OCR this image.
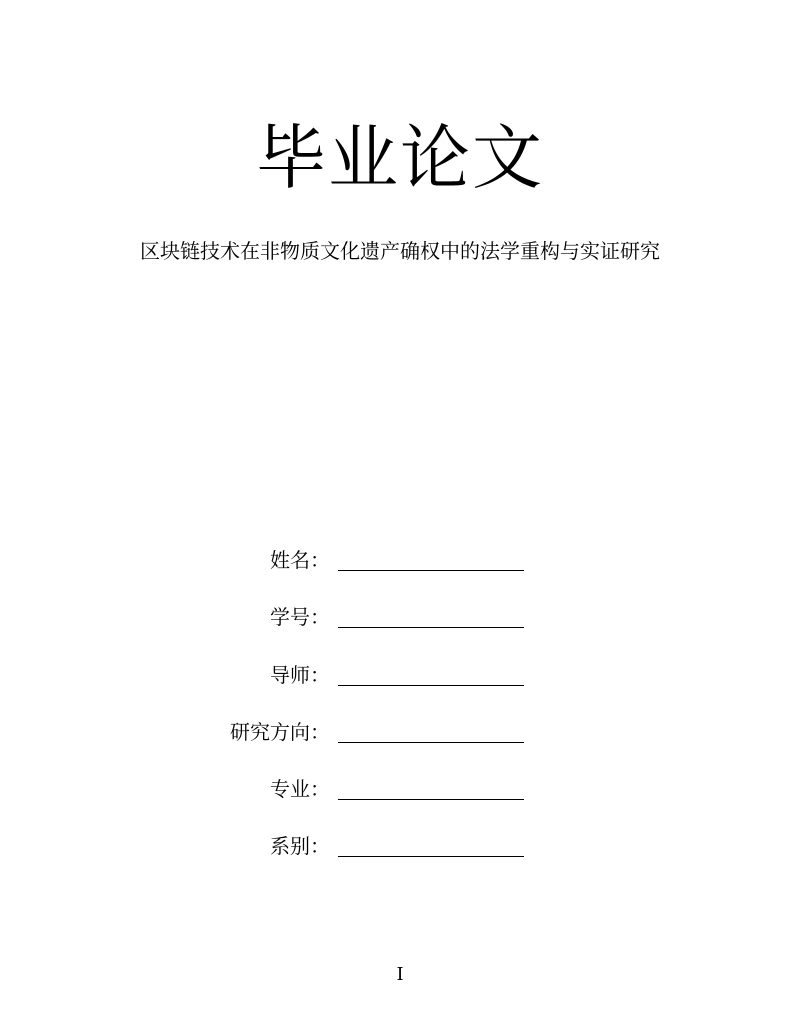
毕业论文
区块链技术在非物质文化遗产确权中的法学重构与实证研究
姓名：
学号：
导师：
研究方向：
专业：
系别：
I
